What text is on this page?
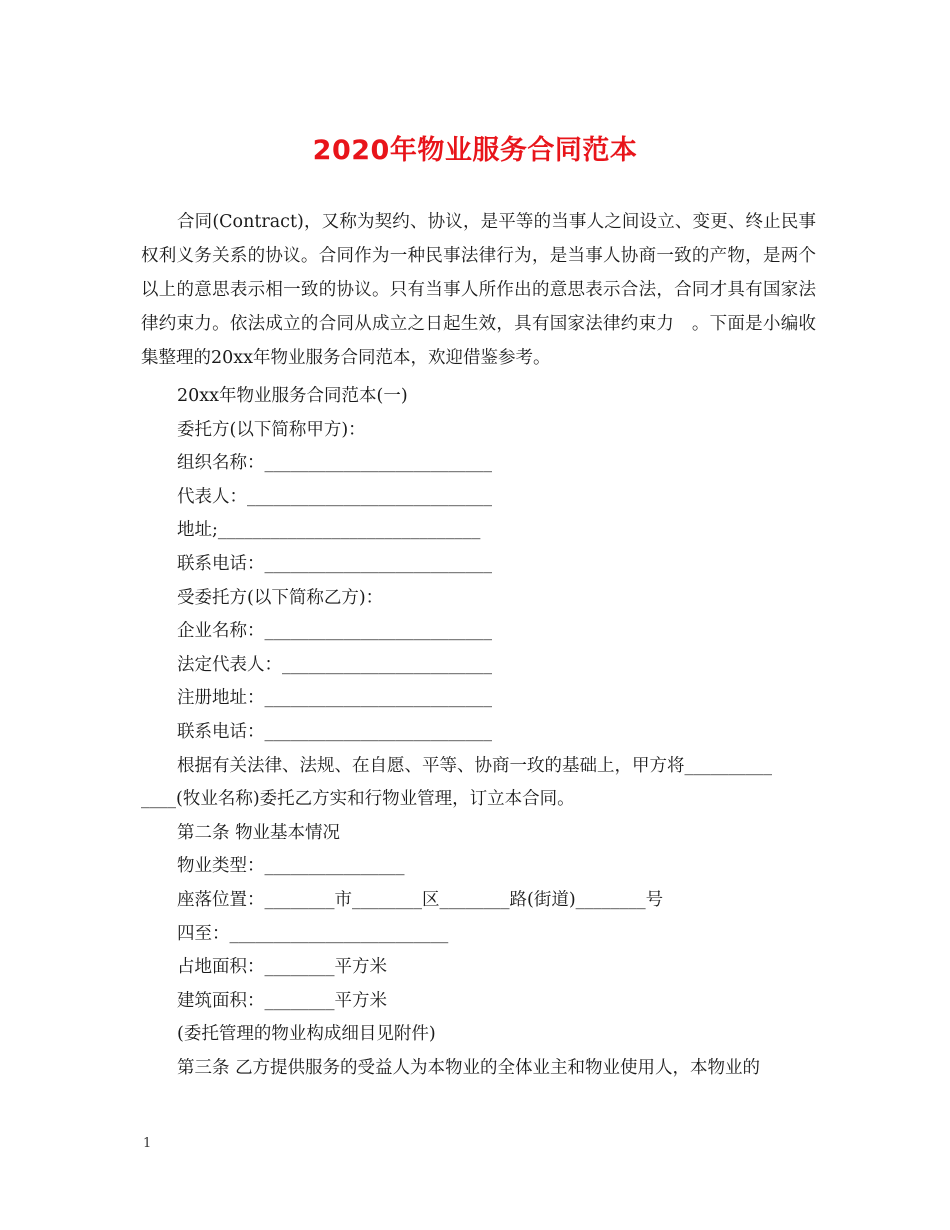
2020年物业服务合同范本

合同(Contract)，又称为契约、协议，是平等的当事人之间设立、变更、终止民事权利义务关系的协议。合同作为一种民事法律行为，是当事人协商一致的产物，是两个以上的意思表示相一致的协议。只有当事人所作出的意思表示合法，合同才具有国家法律约束力。依法成立的合同从成立之日起生效，具有国家法律约束力　。下面是小编收集整理的20xx年物业服务合同范本，欢迎借鉴参考。

20xx年物业服务合同范本(一)
委托方(以下简称甲方)：
组织名称：__________________________
代表人：____________________________
地址;______________________________
联系电话：__________________________
受委托方(以下简称乙方)：
企业名称：__________________________
法定代表人：________________________
注册地址：__________________________
联系电话：__________________________
根据有关法律、法规、在自愿、平等、协商一玫的基础上，甲方将__________
____(牧业名称)委托乙方实和行物业管理，订立本合同。
第二条 物业基本情况
物业类型：________________
座落位置：________市________区________路(街道)________号
四至：_________________________
占地面积：________平方米
建筑面积：________平方米
(委托管理的物业构成细目见附件)
第三条 乙方提供服务的受益人为本物业的全体业主和物业使用人，本物业的
1
